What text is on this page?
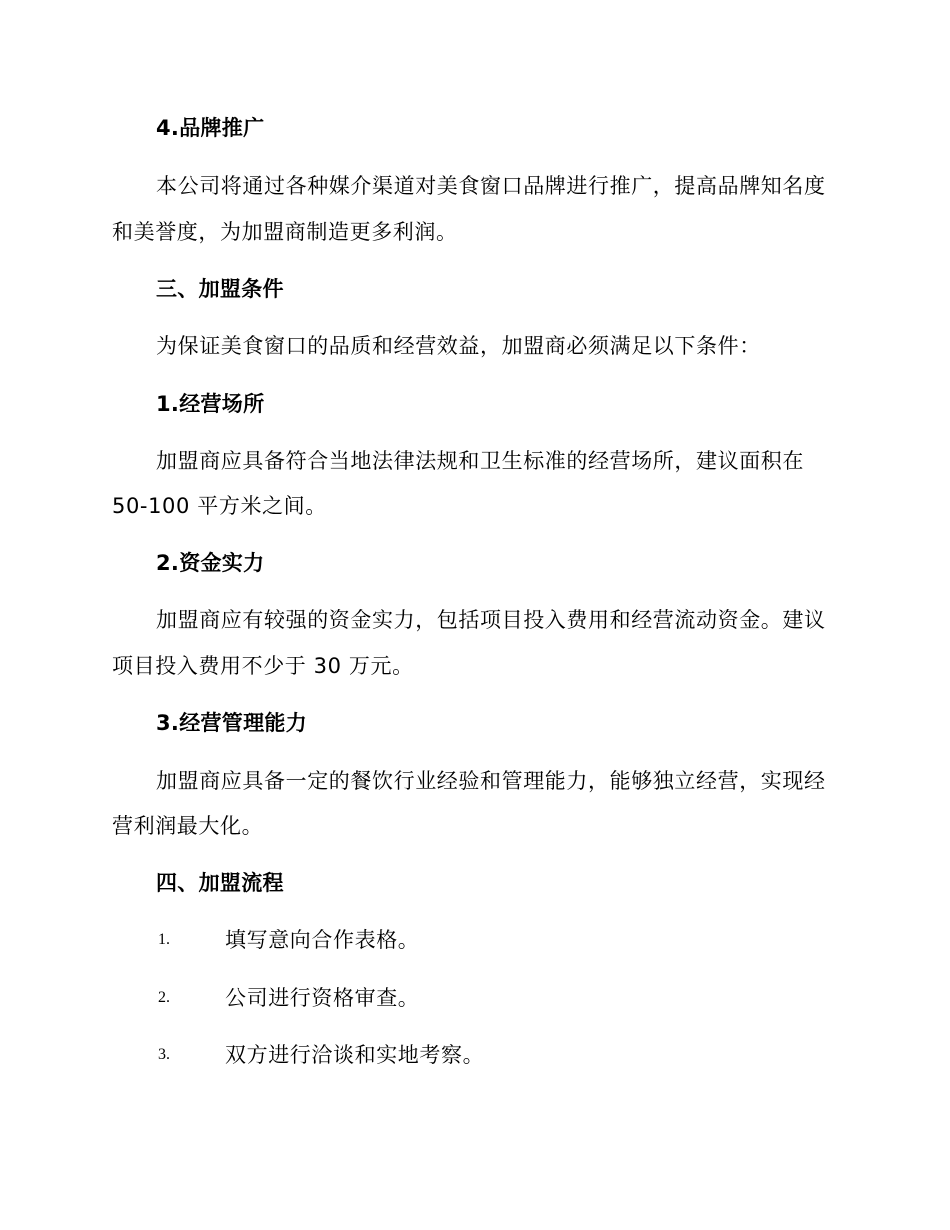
4.品牌推广
本公司将通过各种媒介渠道对美食窗口品牌进行推广，提高品牌知名度
和美誉度，为加盟商制造更多利润。
三、加盟条件
为保证美食窗口的品质和经营效益，加盟商必须满足以下条件：
1.经营场所
加盟商应具备符合当地法律法规和卫生标准的经营场所，建议面积在
50-100 平方米之间。
2.资金实力
加盟商应有较强的资金实力，包括项目投入费用和经营流动资金。建议
项目投入费用不少于 30 万元。
3.经营管理能力
加盟商应具备一定的餐饮行业经验和管理能力，能够独立经营，实现经
营利润最大化。
四、加盟流程
1.	填写意向合作表格。
2.	公司进行资格审查。
3.	双方进行洽谈和实地考察。
